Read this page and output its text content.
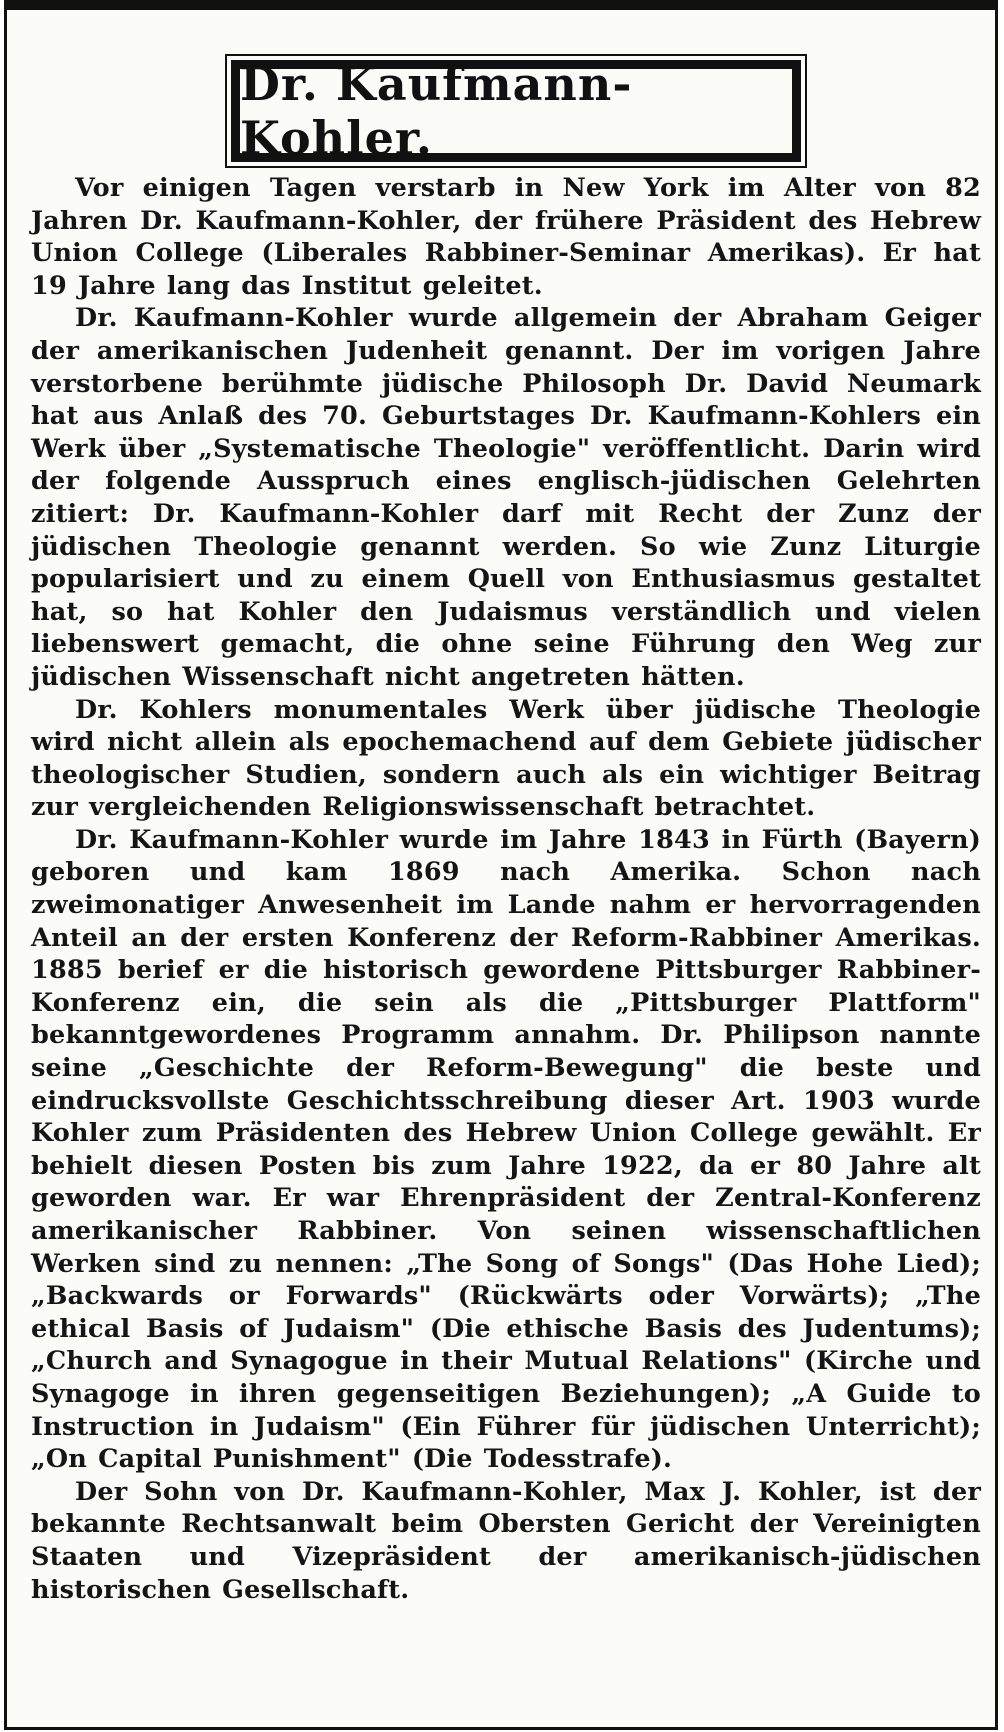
Dr. Kaufmann-Kohler.

Vor einigen Tagen verstarb in New York im Alter von 82 Jahren Dr. Kaufmann-Kohler, der frühere Präsident des Hebrew Union College (Liberales Rabbiner-Seminar Amerikas). Er hat 19 Jahre lang das Institut geleitet.

Dr. Kaufmann-Kohler wurde allgemein der Abraham Geiger der amerikanischen Judenheit genannt. Der im vorigen Jahre verstorbene berühmte jüdische Philosoph Dr. David Neumark hat aus Anlaß des 70. Geburtstages Dr. Kaufmann-Kohlers ein Werk über „Systematische Theologie" veröffentlicht. Darin wird der folgende Ausspruch eines englisch-jüdischen Gelehrten zitiert: Dr. Kaufmann-Kohler darf mit Recht der Zunz der jüdischen Theologie genannt werden. So wie Zunz Liturgie popularisiert und zu einem Quell von Enthusiasmus gestaltet hat, so hat Kohler den Judaismus verständlich und vielen liebenswert gemacht, die ohne seine Führung den Weg zur jüdischen Wissenschaft nicht angetreten hätten.

Dr. Kohlers monumentales Werk über jüdische Theologie wird nicht allein als epochemachend auf dem Gebiete jüdischer theologischer Studien, sondern auch als ein wichtiger Beitrag zur vergleichenden Religionswissenschaft betrachtet.

Dr. Kaufmann-Kohler wurde im Jahre 1843 in Fürth (Bayern) geboren und kam 1869 nach Amerika. Schon nach zweimonatiger Anwesenheit im Lande nahm er hervorragenden Anteil an der ersten Konferenz der Reform-Rabbiner Amerikas. 1885 berief er die historisch gewordene Pittsburger Rabbiner-Konferenz ein, die sein als die „Pittsburger Plattform" bekanntgewordenes Programm annahm. Dr. Philipson nannte seine „Geschichte der Reform-Bewegung" die beste und eindrucksvollste Geschichtsschreibung dieser Art. 1903 wurde Kohler zum Präsidenten des Hebrew Union College gewählt. Er behielt diesen Posten bis zum Jahre 1922, da er 80 Jahre alt geworden war. Er war Ehrenpräsident der Zentral-Konferenz amerikanischer Rabbiner. Von seinen wissenschaftlichen Werken sind zu nennen: „The Song of Songs" (Das Hohe Lied); „Backwards or Forwards" (Rückwärts oder Vorwärts); „The ethical Basis of Judaism" (Die ethische Basis des Judentums); „Church and Synagogue in their Mutual Relations" (Kirche und Synagoge in ihren gegenseitigen Beziehungen); „A Guide to Instruction in Judaism" (Ein Führer für jüdischen Unterricht); „On Capital Punishment" (Die Todesstrafe).

Der Sohn von Dr. Kaufmann-Kohler, Max J. Kohler, ist der bekannte Rechtsanwalt beim Obersten Gericht der Vereinigten Staaten und Vizepräsident der amerikanisch-jüdischen historischen Gesellschaft.
